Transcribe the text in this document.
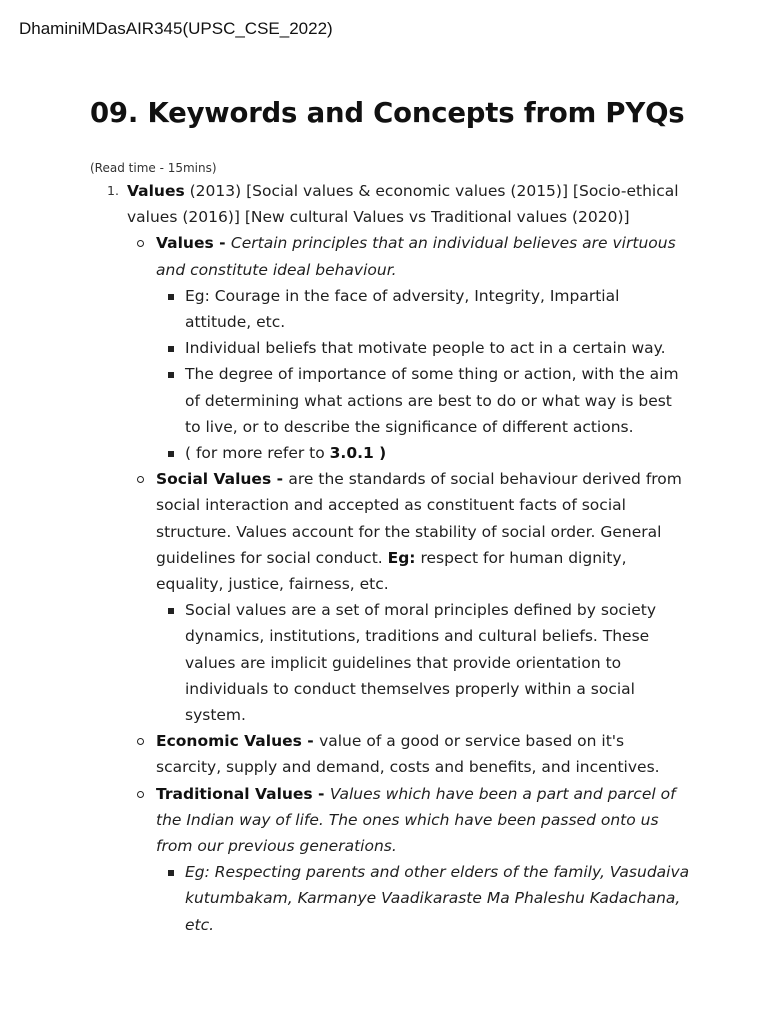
DhaminiMDasAIR345(UPSC_CSE_2022)
09. Keywords and Concepts from PYQs
(Read time - 15mins)
1. Values (2013) [Social values & economic values (2015)] [Socio-ethical values (2016)] [New cultural Values vs Traditional values (2020)]
Values - Certain principles that an individual believes are virtuous and constitute ideal behaviour.
Eg: Courage in the face of adversity, Integrity, Impartial attitude, etc.
Individual beliefs that motivate people to act in a certain way.
The degree of importance of some thing or action, with the aim of determining what actions are best to do or what way is best to live, or to describe the significance of different actions.
( for more refer to 3.0.1 )
Social Values - are the standards of social behaviour derived from social interaction and accepted as constituent facts of social structure. Values account for the stability of social order. General guidelines for social conduct. Eg: respect for human dignity, equality, justice, fairness, etc.
Social values are a set of moral principles defined by society dynamics, institutions, traditions and cultural beliefs. These values are implicit guidelines that provide orientation to individuals to conduct themselves properly within a social system.
Economic Values - value of a good or service based on it's scarcity, supply and demand, costs and benefits, and incentives.
Traditional Values - Values which have been a part and parcel of the Indian way of life. The ones which have been passed onto us from our previous generations.
Eg: Respecting parents and other elders of the family, Vasudaiva kutumbakam, Karmanye Vaadikaraste Ma Phaleshu Kadachana, etc.
